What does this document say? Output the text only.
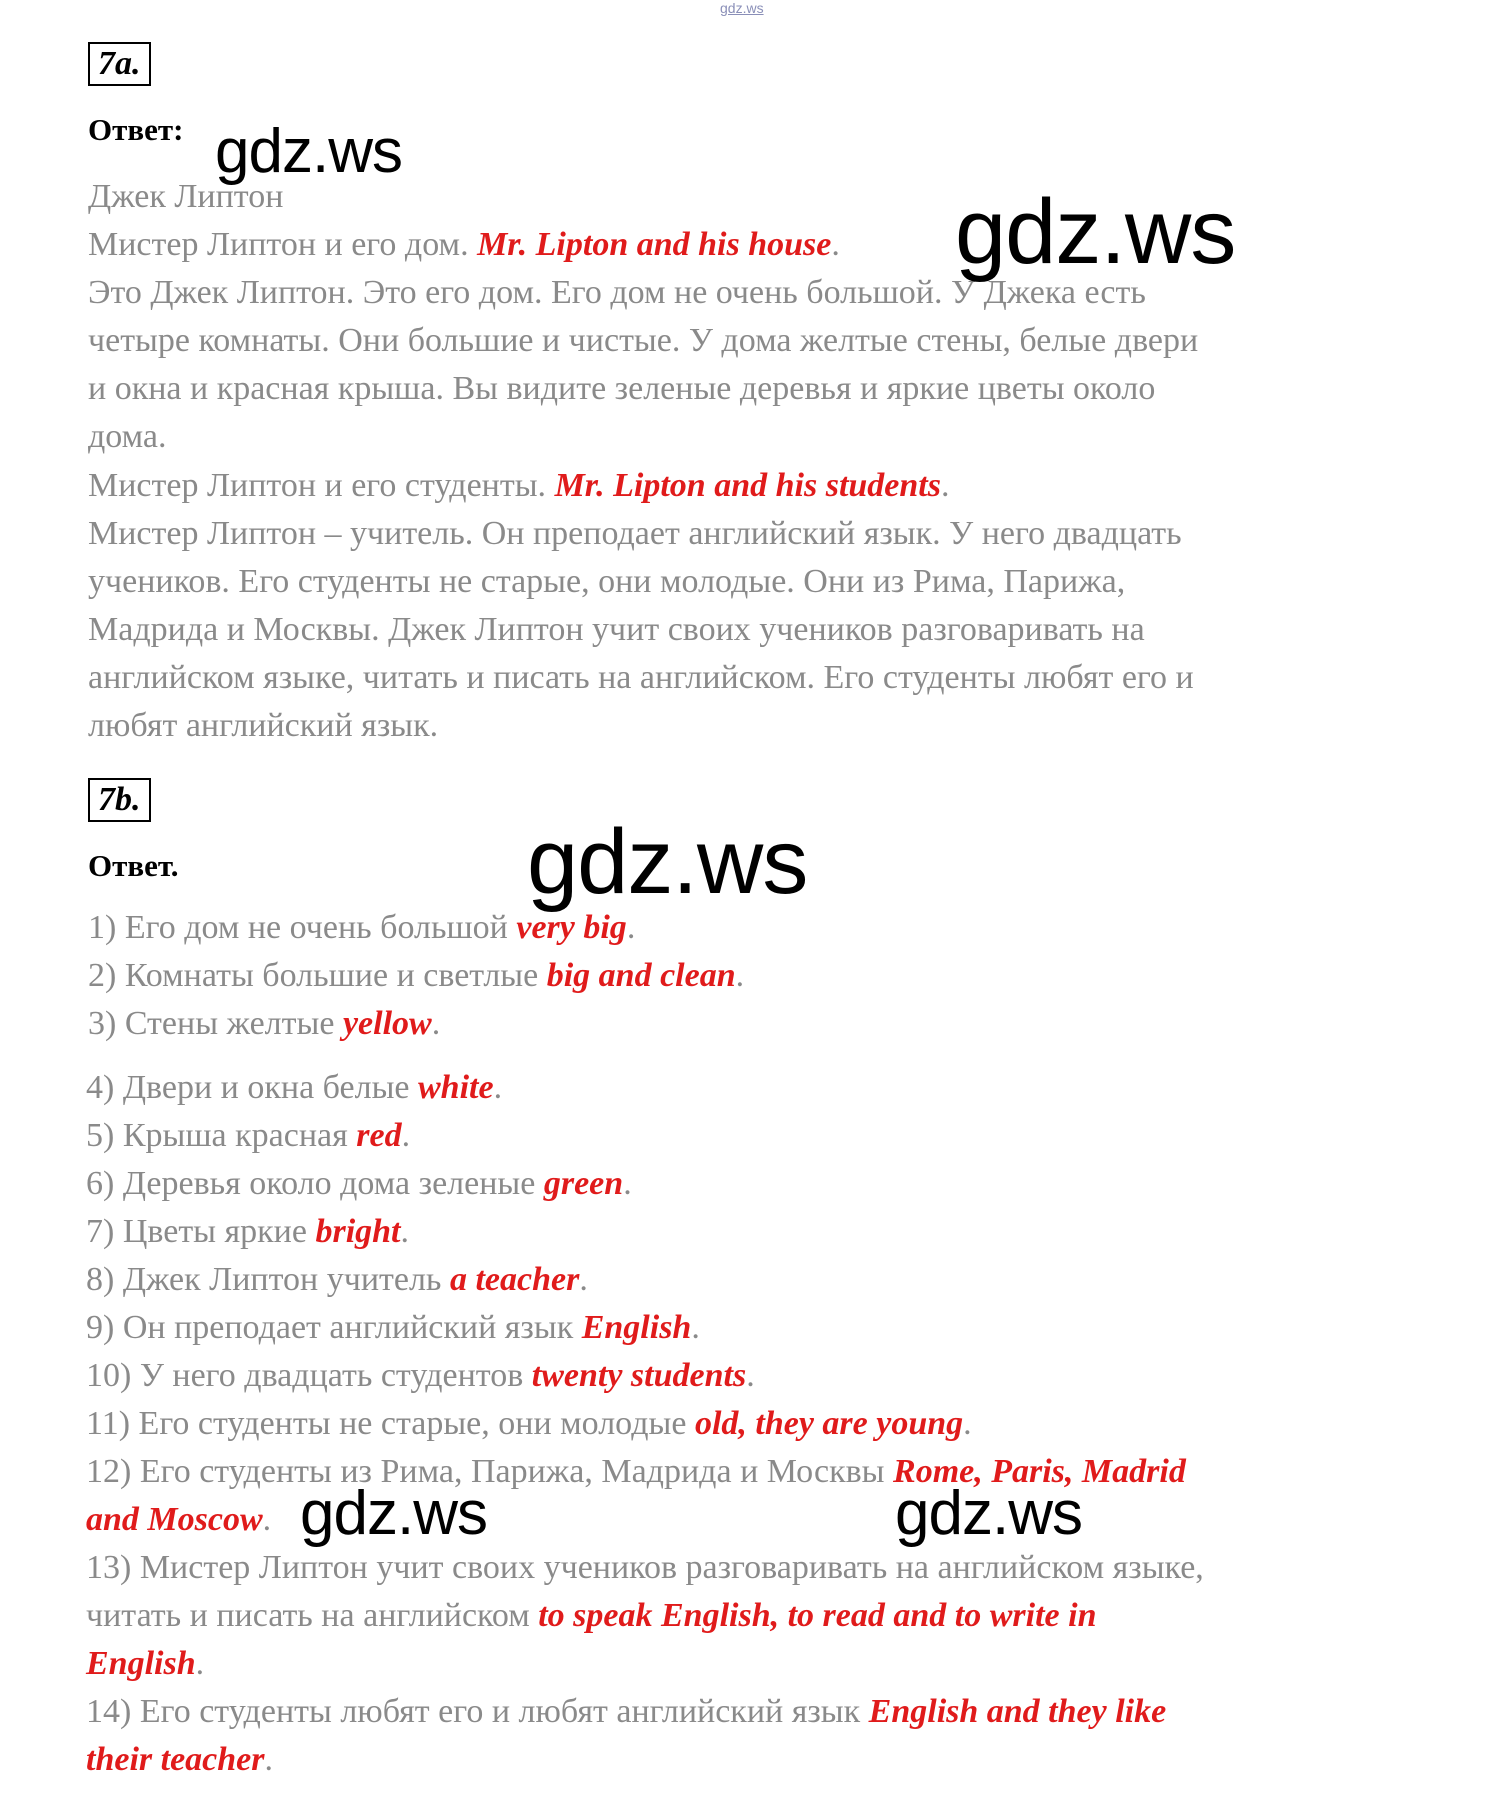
gdz.ws
7a.
Ответ:
Джек Липтон
Мистер Липтон и его дом. Mr. Lipton and his house.
Это Джек Липтон. Это его дом. Его дом не очень большой. У Джека есть
четыре комнаты. Они большие и чистые. У дома желтые стены, белые двери
и окна и красная крыша. Вы видите зеленые деревья и яркие цветы около
дома.
Мистер Липтон и его студенты. Mr. Lipton and his students.
Мистер Липтон – учитель. Он преподает английский язык. У него двадцать
учеников. Его студенты не старые, они молодые. Они из Рима, Парижа,
Мадрида и Москвы. Джек Липтон учит своих учеников разговаривать на
английском языке, читать и писать на английском. Его студенты любят его и
любят английский язык.
7b.
Ответ.
1) Его дом не очень большой very big.
2) Комнаты большие и светлые big and clean.
3) Стены желтые yellow.
4) Двери и окна белые white.
5) Крыша красная red.
6) Деревья около дома зеленые green.
7) Цветы яркие bright.
8) Джек Липтон учитель a teacher.
9) Он преподает английский язык English.
10) У него двадцать студентов twenty students.
11) Его студенты не старые, они молодые old, they are young.
12) Его студенты из Рима, Парижа, Мадрида и Москвы Rome, Paris, Madrid
and Moscow.
13) Мистер Липтон учит своих учеников разговаривать на английском языке,
читать и писать на английском to speak English, to read and to write in
English.
14) Его студенты любят его и любят английский язык English and they like
their teacher.
gdz.ws
gdz.ws
gdz.ws
gdz.ws	gdz.ws
